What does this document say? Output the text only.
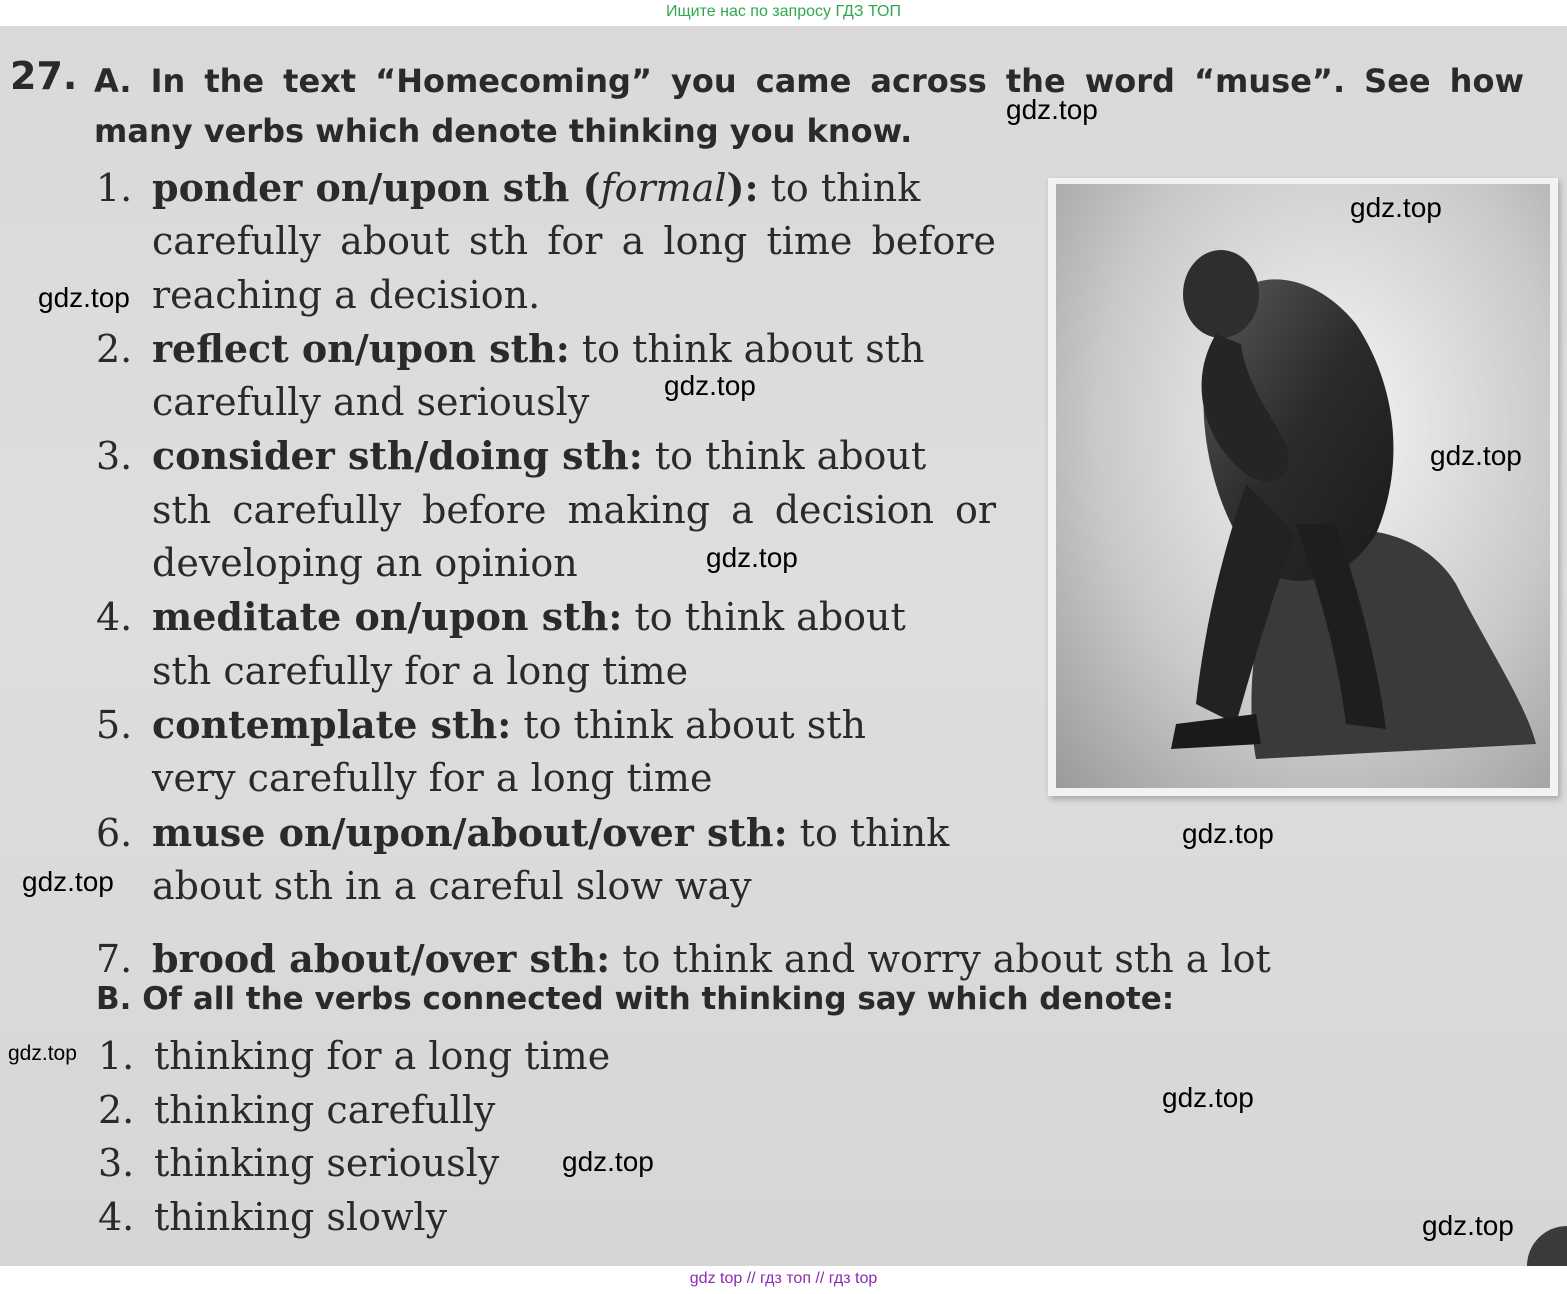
Ищите нас по запросу ГДЗ ТОП
27. A. In the text “Homecoming” you came across the word “muse”. See how many verbs which denote thinking you know.
1. ponder on/upon sth (formal): to think
carefully about sth for a long time before reaching a decision.
2. reflect on/upon sth: to think about sth
carefully and seriously
3. consider sth/doing sth: to think about
sth carefully before making a decision or developing an opinion
4. meditate on/upon sth: to think about
sth carefully for a long time
5. contemplate sth: to think about sth
very carefully for a long time
6. muse on/upon/about/over sth: to think
about sth in a careful slow way
7. brood about/over sth: to think and worry about sth a lot
B. Of all the verbs connected with thinking say which denote:
1. thinking for a long time
2. thinking carefully
3. thinking seriously
4. thinking slowly
gdz.top
gdz.top
gdz.top
gdz.top
gdz.top
gdz.top
gdz.top
gdz.top
gdz.top
gdz.top
gdz.top
gdz.top
gdz top // гдз топ // гдз top
